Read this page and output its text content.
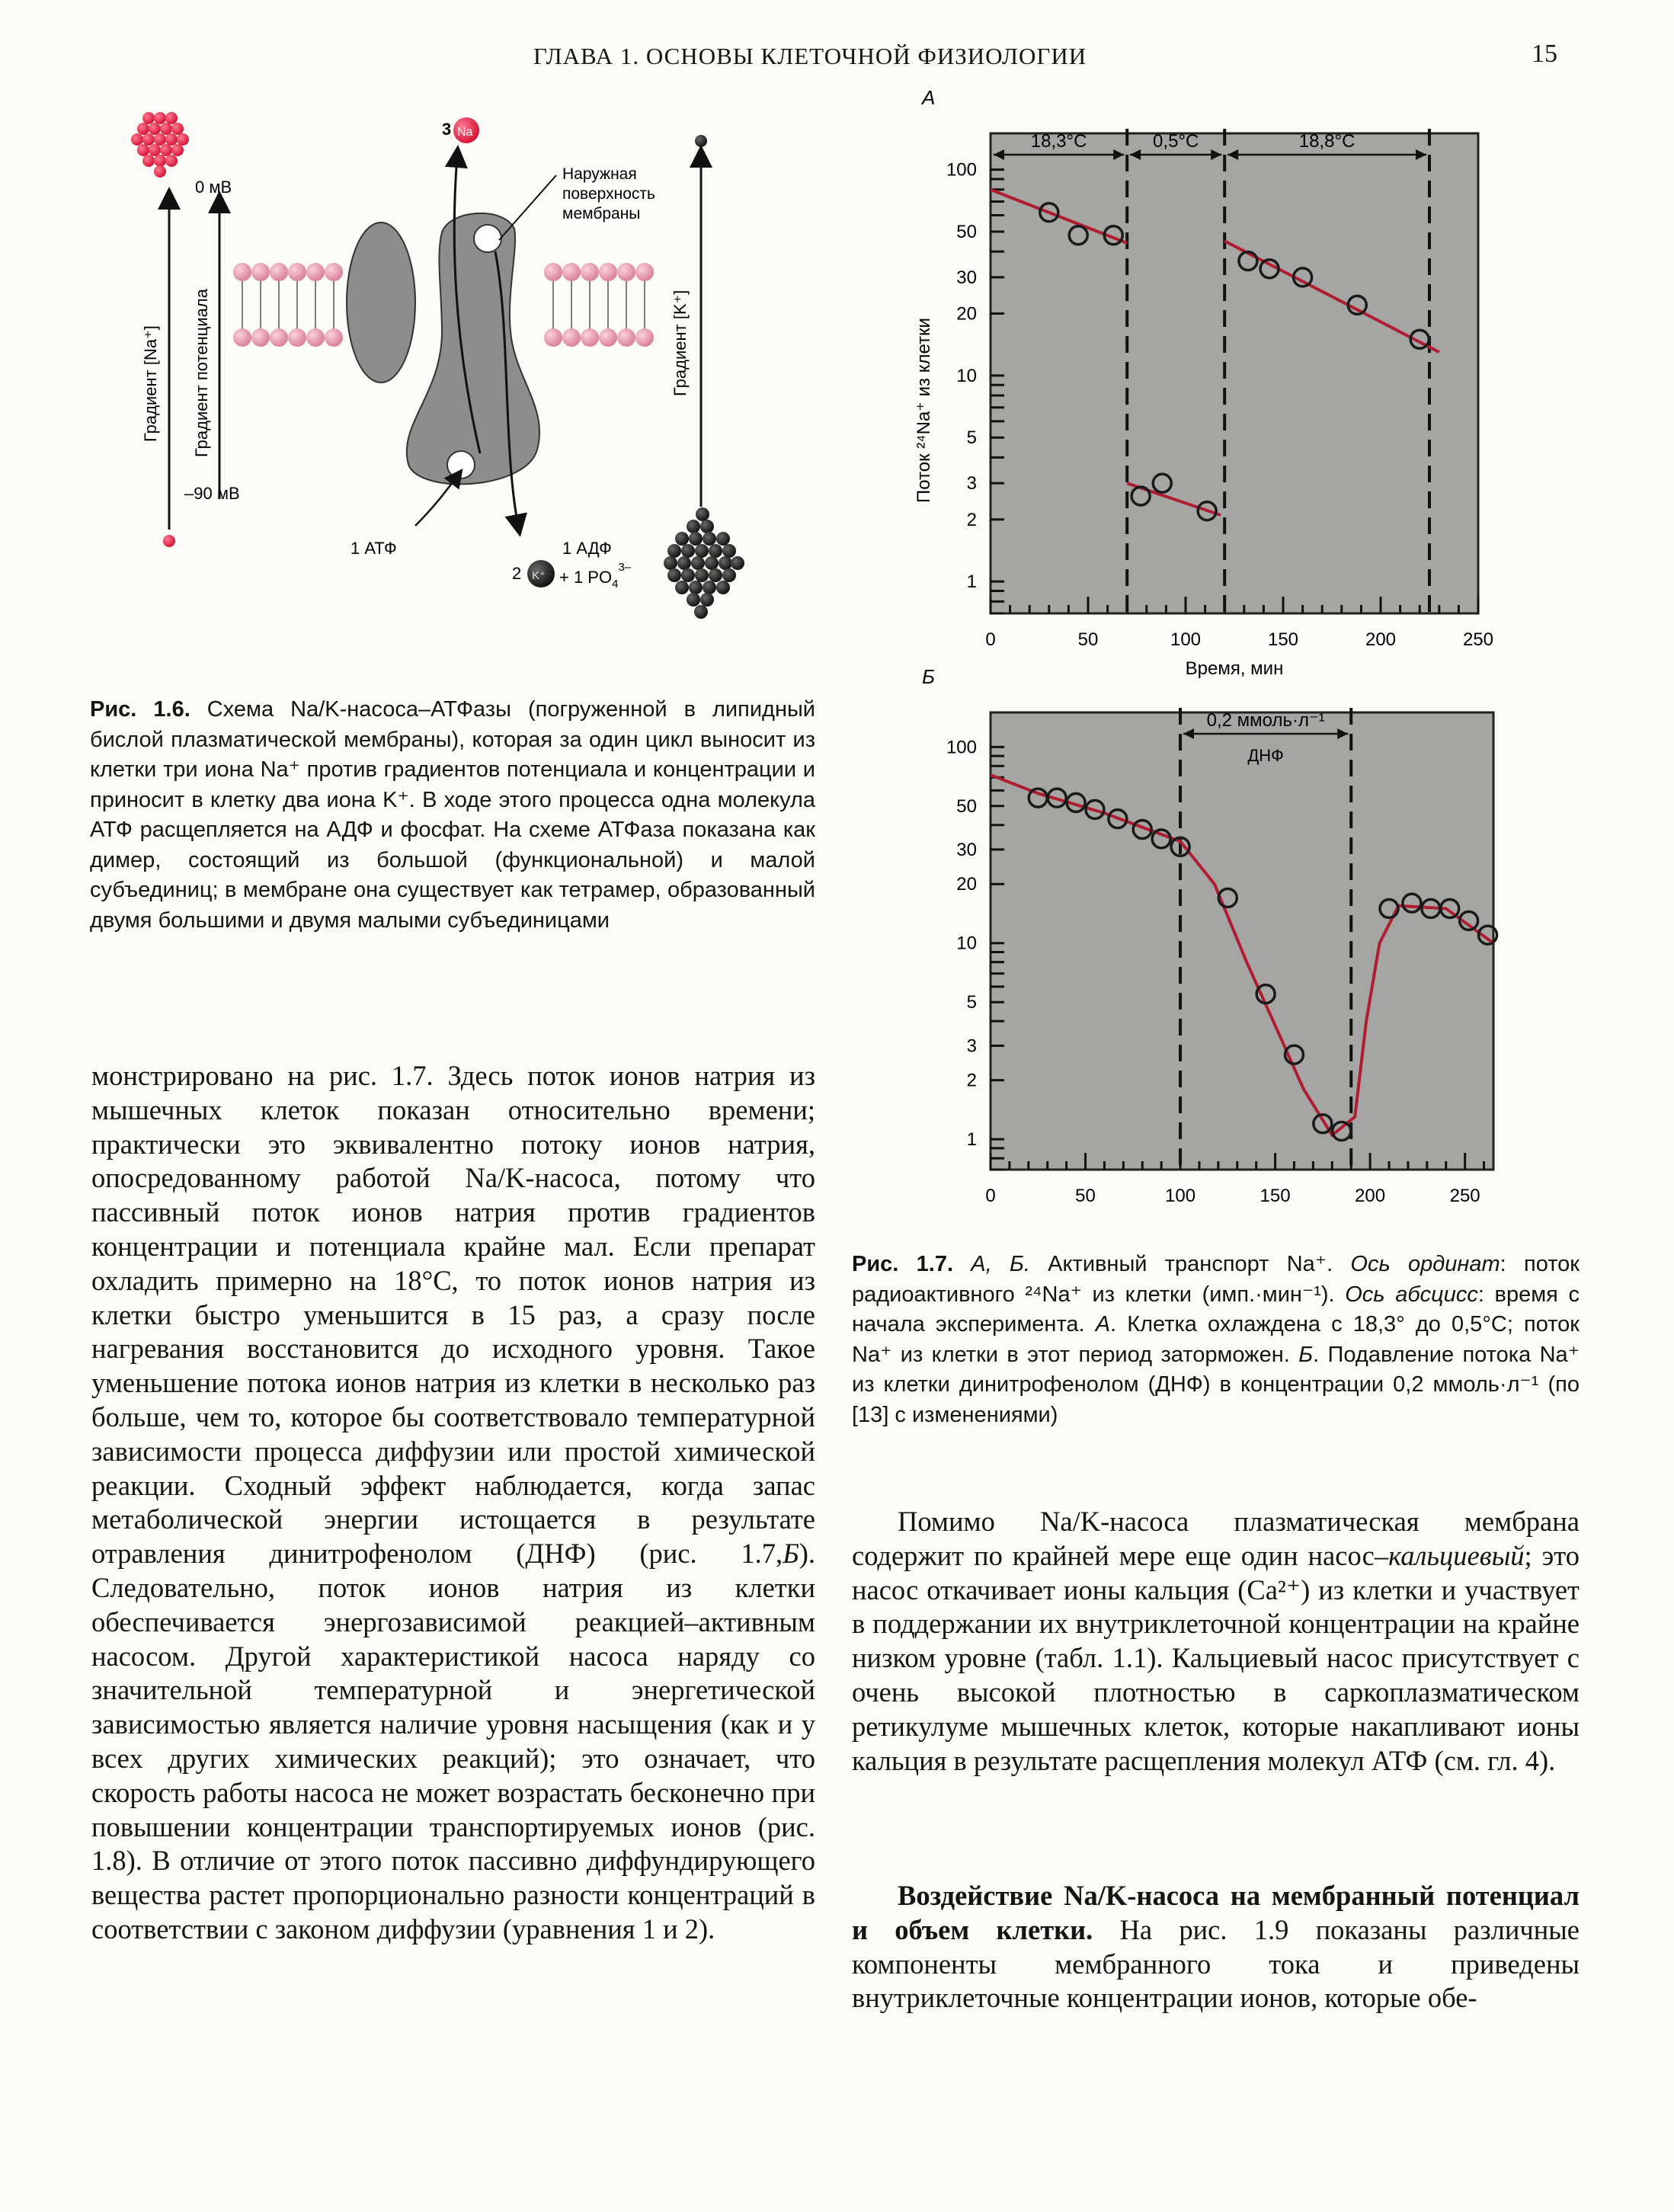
ГЛАВА 1. ОСНОВЫ КЛЕТОЧНОЙ ФИЗИОЛОГИИ	15
Градиент [Na⁺] Градиент потенциала
0 мВ
–90 мВ
3 Na
Наружная поверхность мембраны
Градиент [K⁺]
1 АТФ	1 АДФ
2 K⁺ + 1 $PO_4^{3-}$
Рис. 1.6. Схема Na/K-насоса–АТФазы (погруженной в липидный бислой плазматической мембраны), которая за один цикл выносит из клетки три иона Na⁺ против градиентов потенциала и концентрации и приносит в клетку два иона K⁺. В ходе этого процесса одна молекула АТФ расщепляется на АДФ и фосфат. На схеме АТФаза показана как димер, состоящий из большой (функциональной) и малой субъединиц; в мембране она существует как тетрамер, образованный двумя большими и двумя малыми субъединицами
0	50	100	150	200	250
1
2
3
5
10
20
30
50
100
18,3°C	0,5°C	18,8°C
А
Время, мин
Поток ²⁴Na⁺ из клетки
0	50	100	150	200	250
1
2
3
5
10
20
30
50
100
0,2 ммоль·л⁻¹
ДНФ
Б
Рис. 1.7. А, Б. Активный транспорт Na⁺. Ось ординат: поток радиоактивного ²⁴Na⁺ из клетки (имп.·мин⁻¹). Ось абсцисс: время с начала эксперимента. А. Клетка охлаждена с 18,3° до 0,5°C; поток Na⁺ из клетки в этот период заторможен. Б. Подавление потока Na⁺ из клетки динитрофенолом (ДНФ) в концентрации 0,2 ммоль·л⁻¹ (по [13] с изменениями)

монстрировано на рис. 1.7. Здесь поток ионов натрия из мышечных клеток показан относительно времени; практически это эквивалентно потоку ионов натрия, опосредованному работой Na/K-насоса, потому что пассивный поток ионов натрия против градиентов концентрации и потенциала крайне мал. Если препарат охладить примерно на 18°С, то поток ионов натрия из клетки быстро уменьшится в 15 раз, а сразу после нагревания восстановится до исходного уровня. Такое уменьшение потока ионов натрия из клетки в несколько раз больше, чем то, которое бы соответствовало температурной зависимости процесса диффузии или простой химической реакции. Сходный эффект наблюдается, когда запас метаболической энергии истощается в результате отравления динитрофенолом (ДНФ) (рис. 1.7,Б). Следовательно, поток ионов натрия из клетки обеспечивается энергозависимой реакцией–активным насосом. Другой характеристикой насоса наряду со значительной температурной и энергетической зависимостью является наличие уровня насыщения (как и у всех других химических реакций); это означает, что скорость работы насоса не может возрастать бесконечно при повышении концентрации транспортируемых ионов (рис. 1.8). В отличие от этого поток пассивно диффундирующего вещества растет пропорционально разности концентраций в соответствии с законом диффузии (уравнения 1 и 2).

Помимо Na/K-насоса плазматическая мембрана содержит по крайней мере еще один насос–кальциевый; это насос откачивает ионы кальция (Ca²⁺) из клетки и участвует в поддержании их внутриклеточной концентрации на крайне низком уровне (табл. 1.1). Кальциевый насос присутствует с очень высокой плотностью в саркоплазматическом ретикулуме мышечных клеток, которые накапливают ионы кальция в результате расщепления молекул АТФ (см. гл. 4).

Воздействие Na/K-насоса на мембранный потенциал и объем клетки. На рис. 1.9 показаны различные компоненты мембранного тока и приведены внутриклеточные концентрации ионов, которые обе-
